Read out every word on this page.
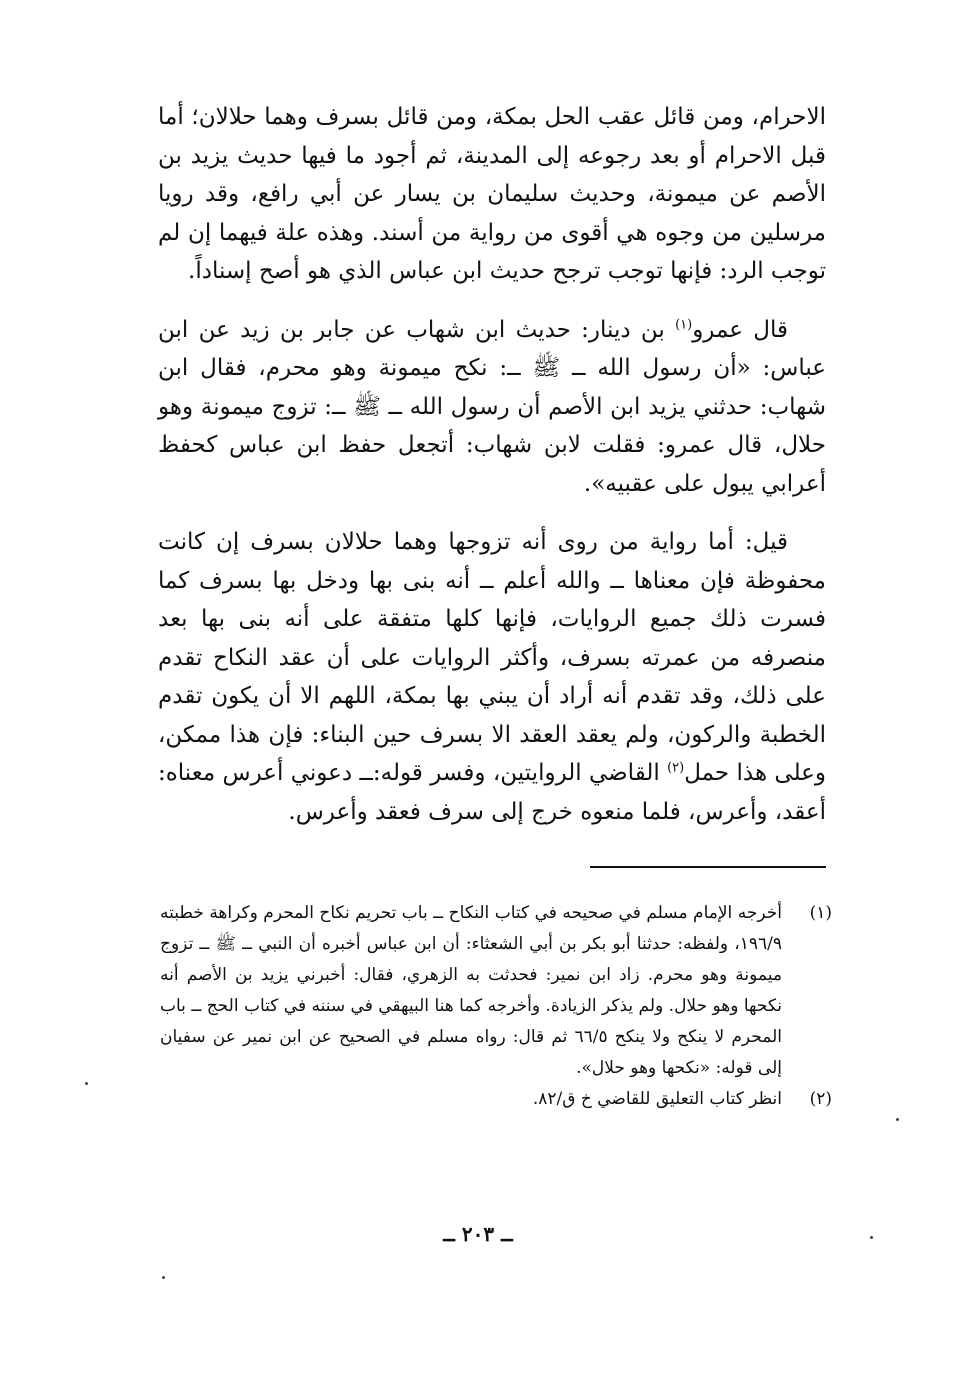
الاحرام، ومن قائل عقب الحل بمكة، ومن قائل بسرف وهما حلالان؛ أما قبل الاحرام أو بعد رجوعه إلى المدينة، ثم أجود ما فيها حديث يزيد بن الأصم عن ميمونة، وحديث سليمان بن يسار عن أبي رافع، وقد رويا مرسلين من وجوه هي أقوى من رواية من أسند. وهذه علة فيهما إن لم توجب الرد: فإنها توجب ترجح حديث ابن عباس الذي هو أصح إسناداً.

قال عمرو$^{(١)}$ بن دينار: حديث ابن شهاب عن جابر بن زيد عن ابن عباس: «أن رسول الله ــ ﷺ ــ: نكح ميمونة وهو محرم، فقال ابن شهاب: حدثني يزيد ابن الأصم أن رسول الله ــ ﷺ ــ: تزوج ميمونة وهو حلال، قال عمرو: فقلت لابن شهاب: أتجعل حفظ ابن عباس كحفظ أعرابي يبول على عقبيه».

قيل: أما رواية من روى أنه تزوجها وهما حلالان بسرف إن كانت محفوظة فإن معناها ــ والله أعلم ــ أنه بنى بها ودخل بها بسرف كما فسرت ذلك جميع الروايات، فإنها كلها متفقة على أنه بنى بها بعد منصرفه من عمرته بسرف، وأكثر الروايات على أن عقد النكاح تقدم على ذلك، وقد تقدم أنه أراد أن يبني بها بمكة، اللهم الا أن يكون تقدم الخطبة والركون، ولم يعقد العقد الا بسرف حين البناء: فإن هذا ممكن، وعلى هذا حمل$^{(٢)}$ القاضي الروايتين، وفسر قوله:ــ دعوني أعرس معناه: أعقد، وأعرس، فلما منعوه خرج إلى سرف فعقد وأعرس.

(١)
أخرجه الإمام مسلم في صحيحه في كتاب النكاح ــ باب تحريم نكاح المحرم وكراهة خطبته ١٩٦/٩، ولفظه: حدثنا أبو بكر بن أبي الشعثاء: أن ابن عباس أخبره أن النبي ــ ﷺ ــ تزوج ميمونة وهو محرم. زاد ابن نمير: فحدثت به الزهري، فقال: أخبرني يزيد بن الأصم أنه نكحها وهو حلال. ولم يذكر الزيادة. وأخرجه كما هنا البيهقي في سننه في كتاب الحج ــ باب المحرم لا ينكح ولا ينكح ٦٦/٥ ثم قال: رواه مسلم في الصحيح عن ابن نمير عن سفيان إلى قوله: «نكحها وهو حلال».
(٢)
انظر كتاب التعليق للقاضي خ ق/٨٢.
ــ ٢٠٣ ــ
